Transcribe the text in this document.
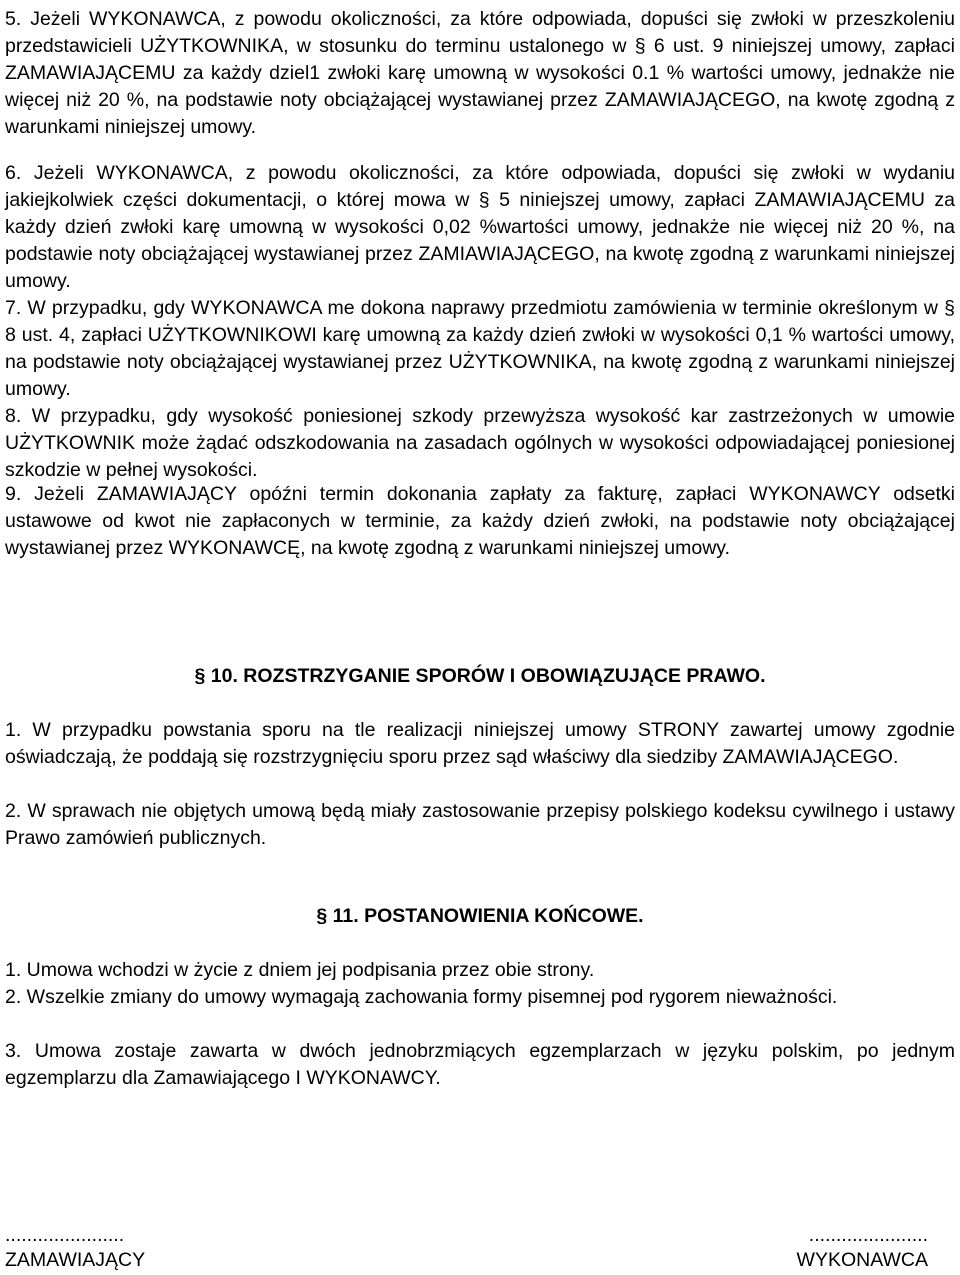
5. Jeżeli WYKONAWCA, z powodu okoliczności, za które odpowiada, dopuści się zwłoki w przeszkoleniu przedstawicieli UŻYTKOWNIKA, w stosunku do terminu ustalonego w § 6 ust. 9 niniejszej umowy, zapłaci ZAMAWIAJĄCEMU za każdy dziel1 zwłoki karę umowną w wysokości 0.1 % wartości umowy, jednakże nie więcej niż 20 %, na podstawie noty obciążającej wystawianej przez ZAMAWIAJĄCEGO, na kwotę zgodną z warunkami niniejszej umowy.

6. Jeżeli WYKONAWCA, z powodu okoliczności, za które odpowiada, dopuści się zwłoki w wydaniu jakiejkolwiek części dokumentacji, o której mowa w § 5 niniejszej umowy, zapłaci ZAMAWIAJĄCEMU za każdy dzień zwłoki karę umowną w wysokości 0,02 %wartości umowy, jednakże nie więcej niż 20 %, na podstawie noty obciążającej wystawianej przez ZAMIAWIAJĄCEGO, na kwotę zgodną z warunkami niniejszej umowy.

7. W przypadku, gdy WYKONAWCA me dokona naprawy przedmiotu zamówienia w terminie określonym w § 8 ust. 4, zapłaci UŻYTKOWNIKOWI karę umowną za każdy dzień zwłoki w wysokości 0,1 % wartości umowy, na podstawie noty obciążającej wystawianej przez UŻYTKOWNIKA, na kwotę zgodną z warunkami niniejszej umowy.

8. W przypadku, gdy wysokość poniesionej szkody przewyższa wysokość kar zastrzeżonych w umowie UŻYTKOWNIK może żądać odszkodowania na zasadach ogólnych w wysokości odpowiadającej poniesionej szkodzie w pełnej wysokości.

9. Jeżeli ZAMAWIAJĄCY opóźni termin dokonania zapłaty za fakturę, zapłaci WYKONAWCY odsetki ustawowe od kwot nie zapłaconych w terminie, za każdy dzień zwłoki, na podstawie noty obciążającej wystawianej przez WYKONAWCĘ, na kwotę zgodną z warunkami niniejszej umowy.

§ 10. ROZSTRZYGANIE SPORÓW I OBOWIĄZUJĄCE PRAWO.

1. W przypadku powstania sporu na tle realizacji niniejszej umowy STRONY zawartej umowy zgodnie oświadczają, że poddają się rozstrzygnięciu sporu przez sąd właściwy dla siedziby ZAMAWIAJĄCEGO.

2. W sprawach nie objętych umową będą miały zastosowanie przepisy polskiego kodeksu cywilnego i ustawy Prawo zamówień publicznych.

§ 11. POSTANOWIENIA KOŃCOWE.

1. Umowa wchodzi w życie z dniem jej podpisania przez obie strony.

2. Wszelkie zmiany do umowy wymagają zachowania formy pisemnej pod rygorem nieważności.

3. Umowa zostaje zawarta w dwóch jednobrzmiących egzemplarzach w języku polskim, po jednym egzemplarzu dla Zamawiającego I WYKONAWCY.

......................

ZAMAWIAJĄCY

......................

WYKONAWCA
